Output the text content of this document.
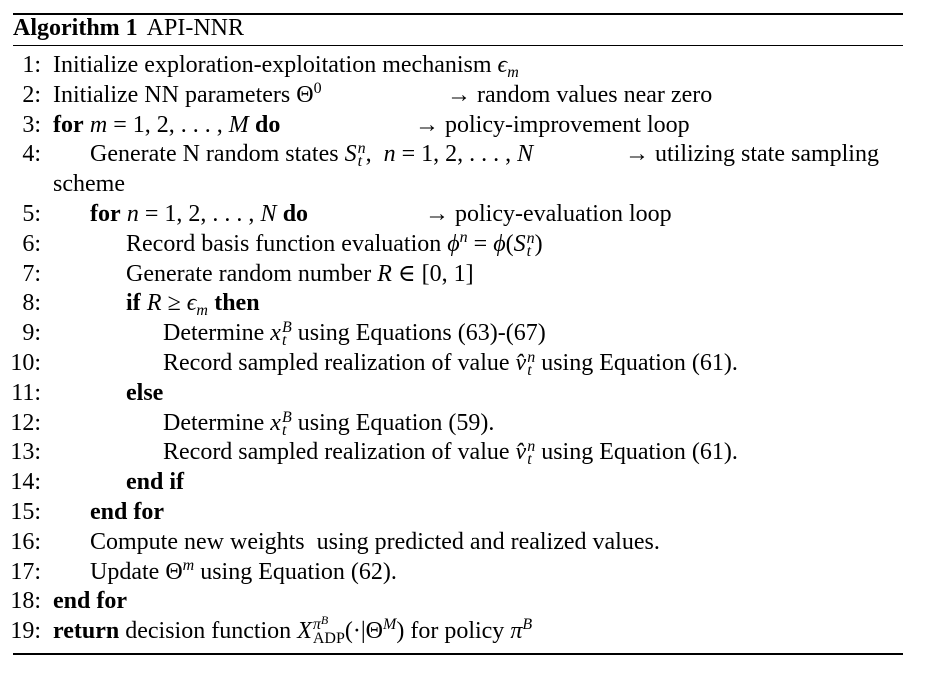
Algorithm 1 API-NNR
1: Initialize exploration-exploitation mechanism $\epsilon_m$
2: Initialize NN parameters $\Theta^0$	→ random values near zero
3: for m = 1, 2, . . . , M do	→ policy-improvement loop
4: Generate N random states S n
t ,  n = 1, 2, . . . , N	→ utilizing state sampling
scheme
5: for n = 1, 2, . . . , N do	→ policy-evaluation loop
6:	Record basis function evaluation $\phi^n = \phi(S$ n
t )
7:	Generate random number R ∈ [0, 1]
8:	if $R \ge \epsilon_m$ then
9:	Determine x B
t using Equations (63)-(67)
10:	Record sampled realization of value v̂ n
t using Equation (61).
11:	else
12:	Determine x B
t using Equation (59).
13:	Record sampled realization of value v̂ n
t using Equation (61).
14:	end if
15: end for
16: Compute new weights  using predicted and realized values.
17: Update $\Theta^m$ using Equation (62).
18: end for
19: return decision function X $\pi^B$
ADP $(\cdot|\Theta^M)$ for policy $\pi^B$
